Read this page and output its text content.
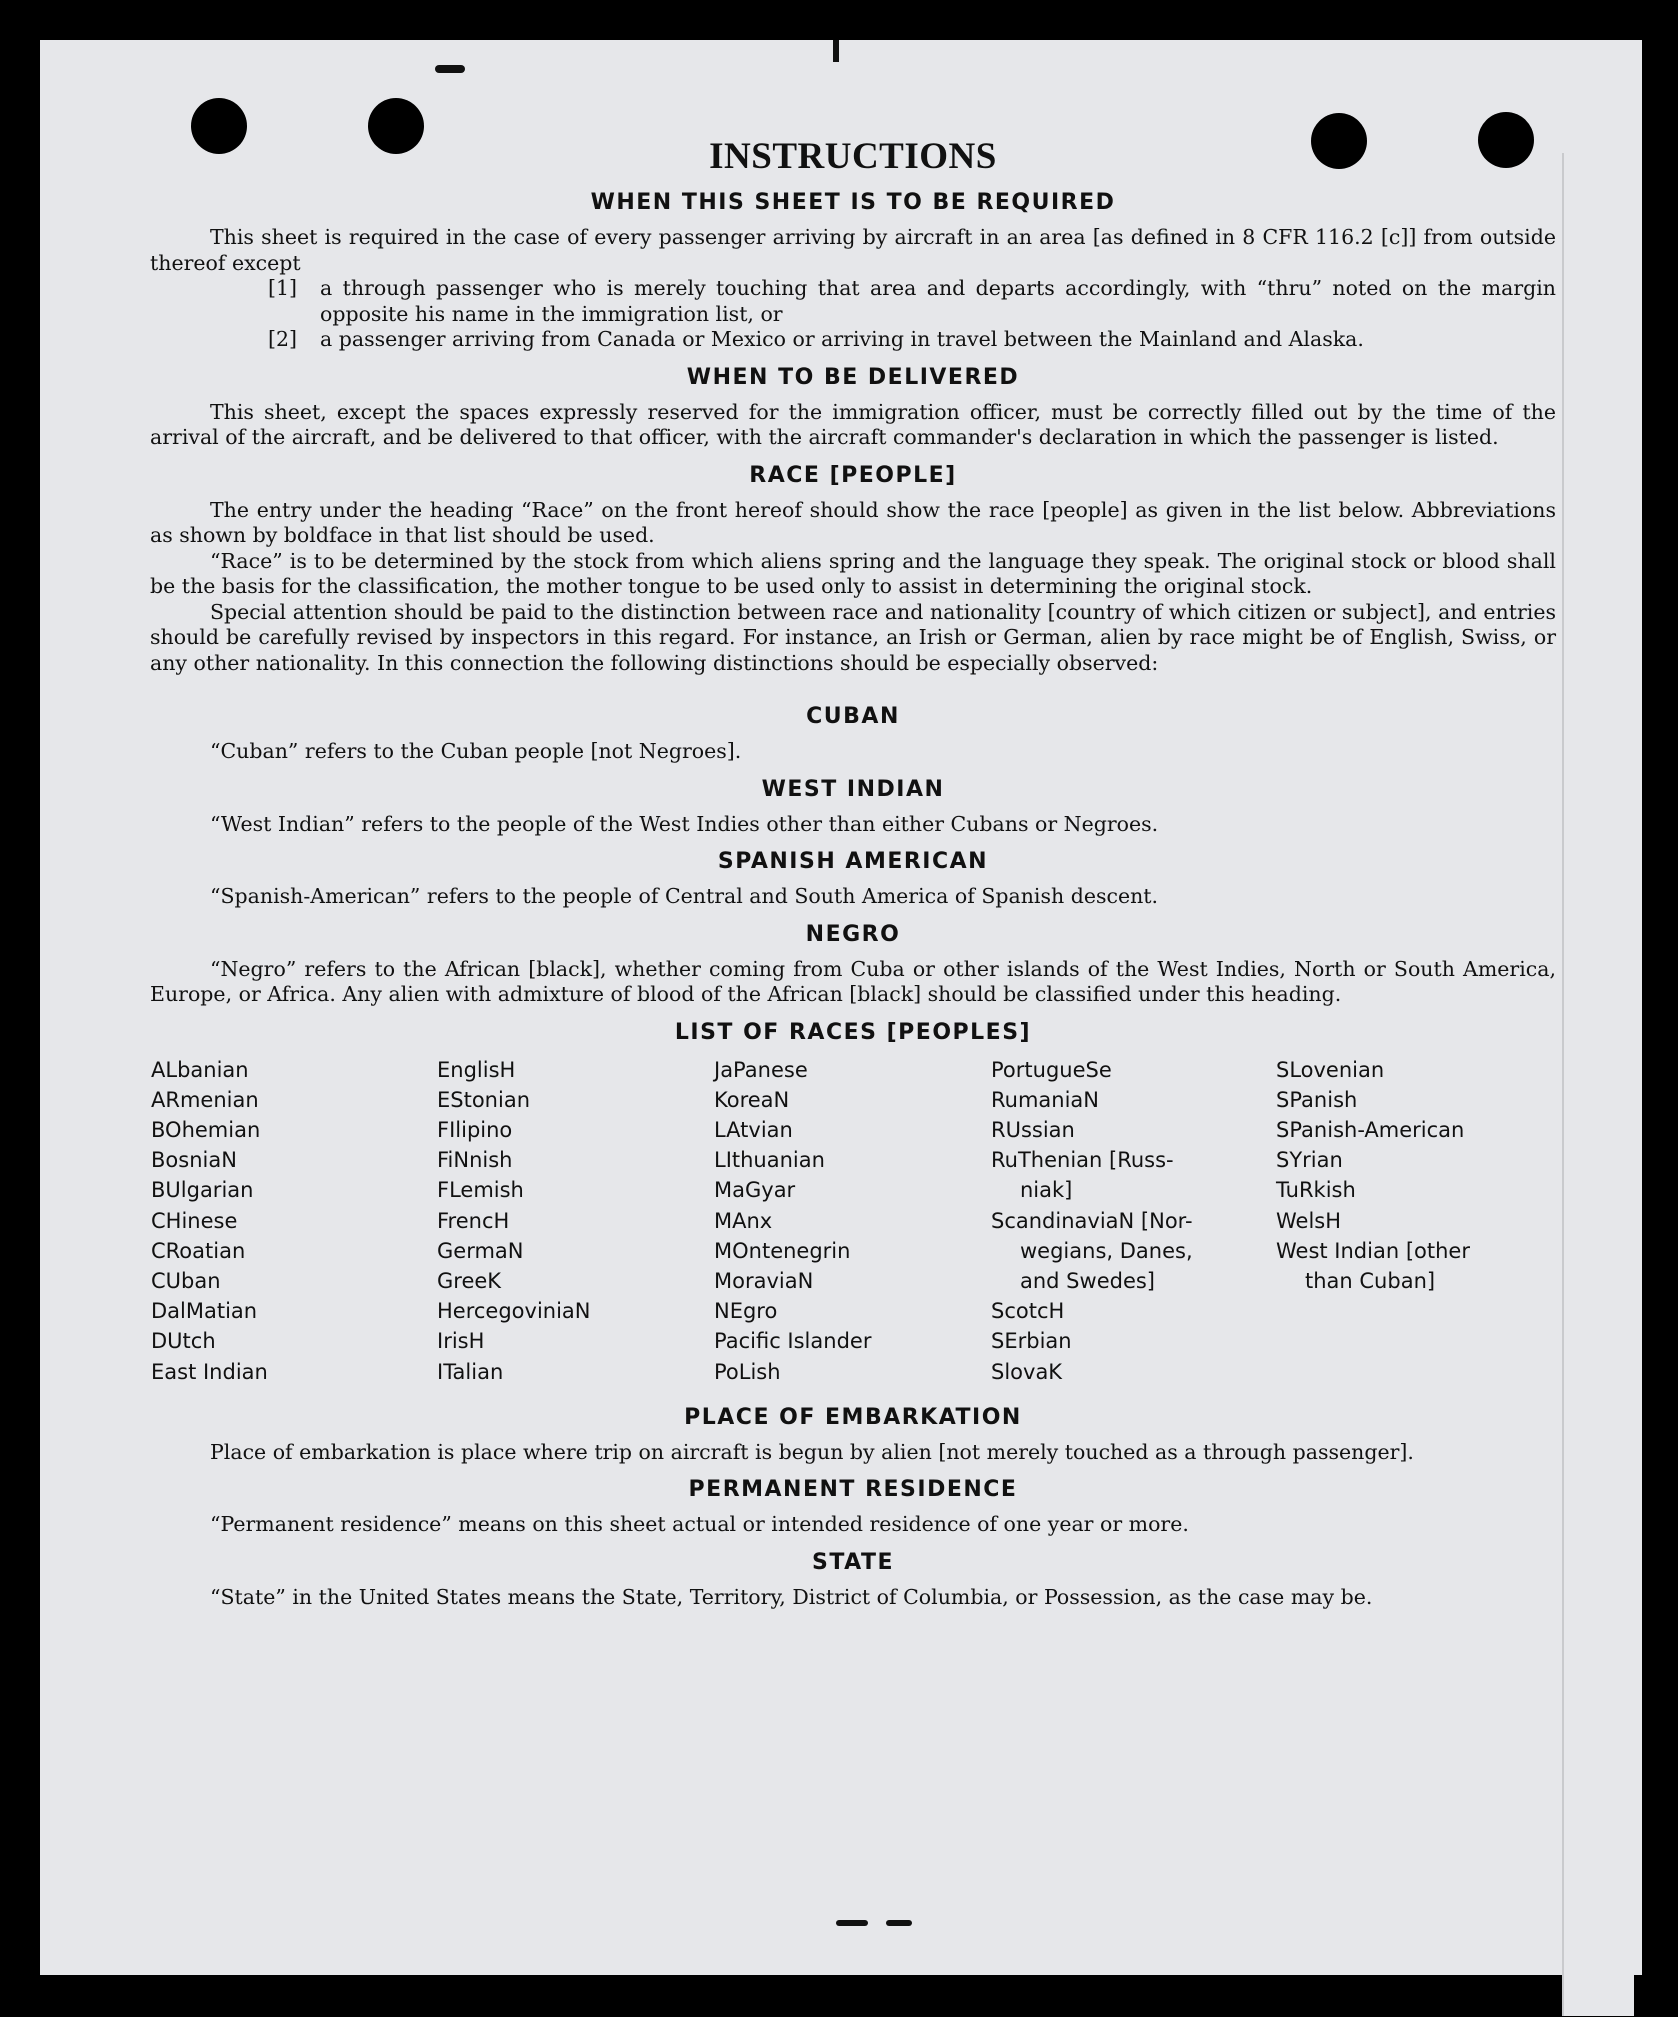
INSTRUCTIONS
WHEN THIS SHEET IS TO BE REQUIRED

This sheet is required in the case of every passenger arriving by aircraft in an area [as defined in 8 CFR 116.2 [c]] from outside thereof except

[1]	a through passenger who is merely touching that area and departs accordingly, with “thru” noted on the margin opposite his name in the immigration list, or
[2]	a passenger arriving from Canada or Mexico or arriving in travel between the Mainland and Alaska.
WHEN TO BE DELIVERED

This sheet, except the spaces expressly reserved for the immigration officer, must be correctly filled out by the time of the arrival of the aircraft, and be delivered to that officer, with the aircraft commander's declaration in which the passenger is listed.

RACE [PEOPLE]

The entry under the heading “Race” on the front hereof should show the race [people] as given in the list below. Abbreviations as shown by boldface in that list should be used.

“Race” is to be determined by the stock from which aliens spring and the language they speak. The original stock or blood shall be the basis for the classification, the mother tongue to be used only to assist in determining the original stock.

Special attention should be paid to the distinction between race and nationality [country of which citizen or subject], and entries should be carefully revised by inspectors in this regard. For instance, an Irish or German, alien by race might be of English, Swiss, or any other nationality. In this connection the following distinctions should be especially observed:

CUBAN

“Cuban” refers to the Cuban people [not Negroes].

WEST INDIAN

“West Indian” refers to the people of the West Indies other than either Cubans or Negroes.

SPANISH AMERICAN

“Spanish-American” refers to the people of Central and South America of Spanish descent.

NEGRO

“Negro” refers to the African [black], whether coming from Cuba or other islands of the West Indies, North or South America, Europe, or Africa. Any alien with admixture of blood of the African [black] should be classified under this heading.

LIST OF RACES [PEOPLES]
ALbanian
ARmenian
BOhemian
BosniaN
BUlgarian
CHinese
CRoatian
CUban
DalMatian
DUtch
East Indian
EnglisH
EStonian
FIlipino
FiNnish
FLemish
FrencH
GermaN
GreeK
HercegoviniaN
IrisH
ITalian
JaPanese
KoreaN
LAtvian
LIthuanian
MaGyar
MAnx
MOntenegrin
MoraviaN
NEgro
Pacific Islander
PoLish
PortugueSe
RumaniaN
RUssian
RuThenian [Russ-
niak]
ScandinaviaN [Nor-
wegians, Danes,
and Swedes]
ScotcH
SErbian
SlovaK
SLovenian
SPanish
SPanish-American
SYrian
TuRkish
WelsH
West Indian [other
than Cuban]
PLACE OF EMBARKATION

Place of embarkation is place where trip on aircraft is begun by alien [not merely touched as a through passenger].

PERMANENT RESIDENCE

“Permanent residence” means on this sheet actual or intended residence of one year or more.

STATE

“State” in the United States means the State, Territory, District of Columbia, or Possession, as the case may be.
